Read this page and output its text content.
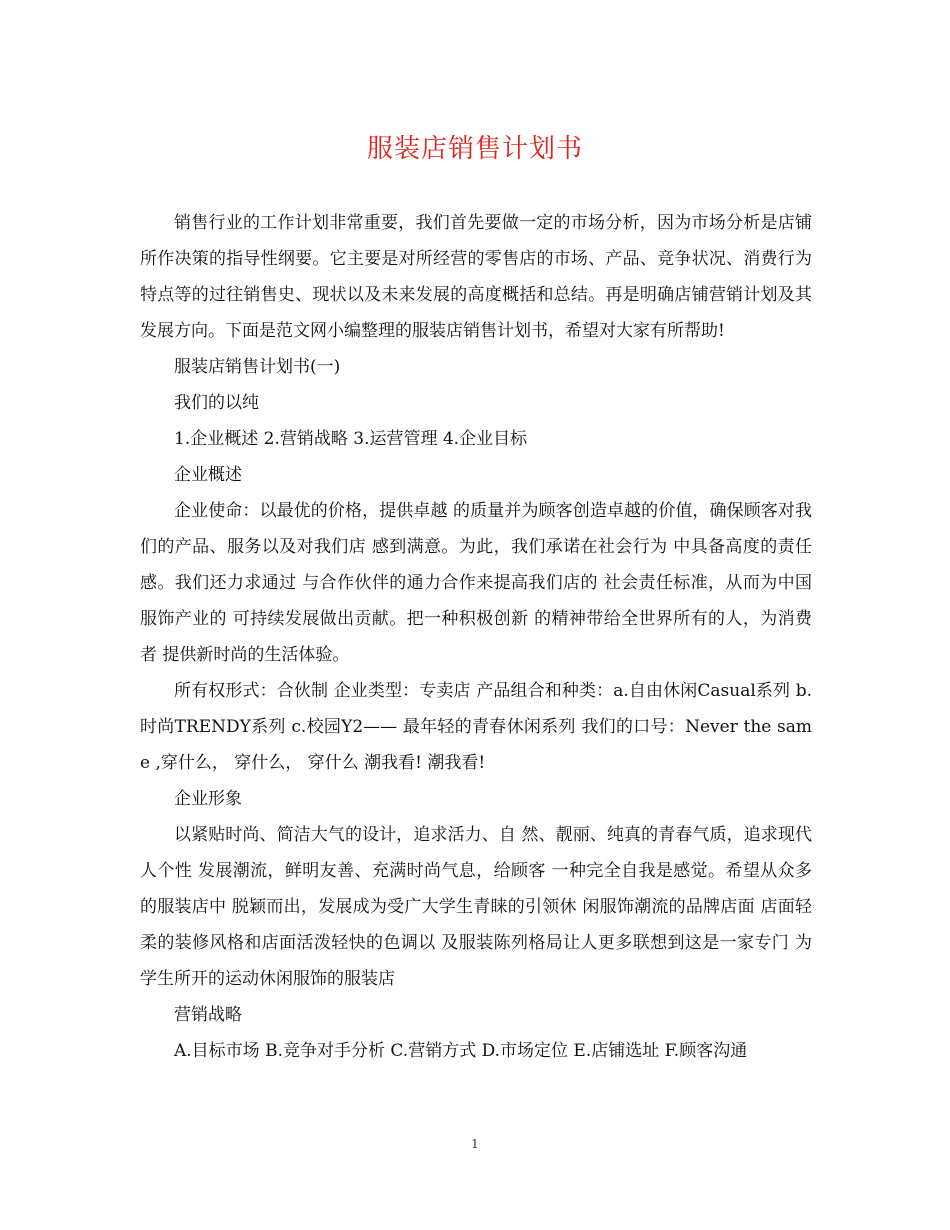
服装店销售计划书

销售行业的工作计划非常重要，我们首先要做一定的市场分析，因为市场分析是店铺所作决策的指导性纲要。它主要是对所经营的零售店的市场、产品、竞争状况、消费行为特点等的过往销售史、现状以及未来发展的高度概括和总结。再是明确店铺营销计划及其发展方向。下面是范文网小编整理的服装店销售计划书，希望对大家有所帮助!

服装店销售计划书(一)

我们的以纯

1.企业概述 2.营销战略 3.运营管理 4.企业目标

企业概述

企业使命：以最优的价格，提供卓越 的质量并为顾客创造卓越的价值，确保顾客对我们的产品、服务以及对我们店 感到满意。为此，我们承诺在社会行为 中具备高度的责任感。我们还力求通过 与合作伙伴的通力合作来提高我们店的 社会责任标准，从而为中国服饰产业的 可持续发展做出贡献。把一种积极创新 的精神带给全世界所有的人，为消费者 提供新时尚的生活体验。

所有权形式：合伙制 企业类型：专卖店 产品组合和种类：a.自由休闲Casual系列 b.时尚TRENDY系列 c.校园Y2—— 最年轻的青春休闲系列 我们的口号：Never the same ,穿什么， 穿什么， 穿什么 潮我看! 潮我看!

企业形象

以紧贴时尚、简洁大气的设计，追求活力、自 然、靓丽、纯真的青春气质，追求现代人个性 发展潮流，鲜明友善、充满时尚气息，给顾客 一种完全自我是感觉。希望从众多的服装店中 脱颖而出，发展成为受广大学生青睐的引领休 闲服饰潮流的品牌店面 店面轻柔的装修风格和店面活泼轻快的色调以 及服装陈列格局让人更多联想到这是一家专门 为学生所开的运动休闲服饰的服装店

营销战略

A.目标市场 B.竞争对手分析 C.营销方式 D.市场定位 E.店铺选址 F.顾客沟通

1
